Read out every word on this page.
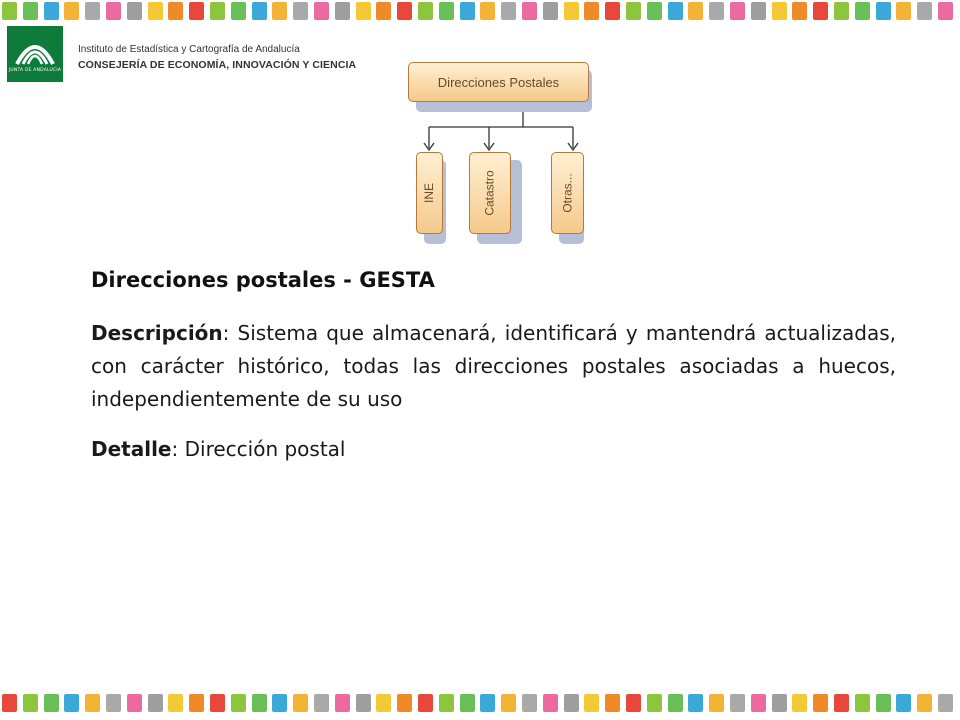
JUNTA DE ANDALUCIA
Instituto de Estadística y Cartografía de Andalucía
CONSEJERÍA DE ECONOMÍA, INNOVACIÓN Y CIENCIA
Direcciones Postales
INE	Catastro	Otras...
Direcciones postales - GESTA
Descripción: Sistema que almacenará, identificará y mantendrá actualizadas, con carácter histórico, todas las direcciones postales asociadas a huecos, independientemente de su uso
Detalle: Dirección postal
